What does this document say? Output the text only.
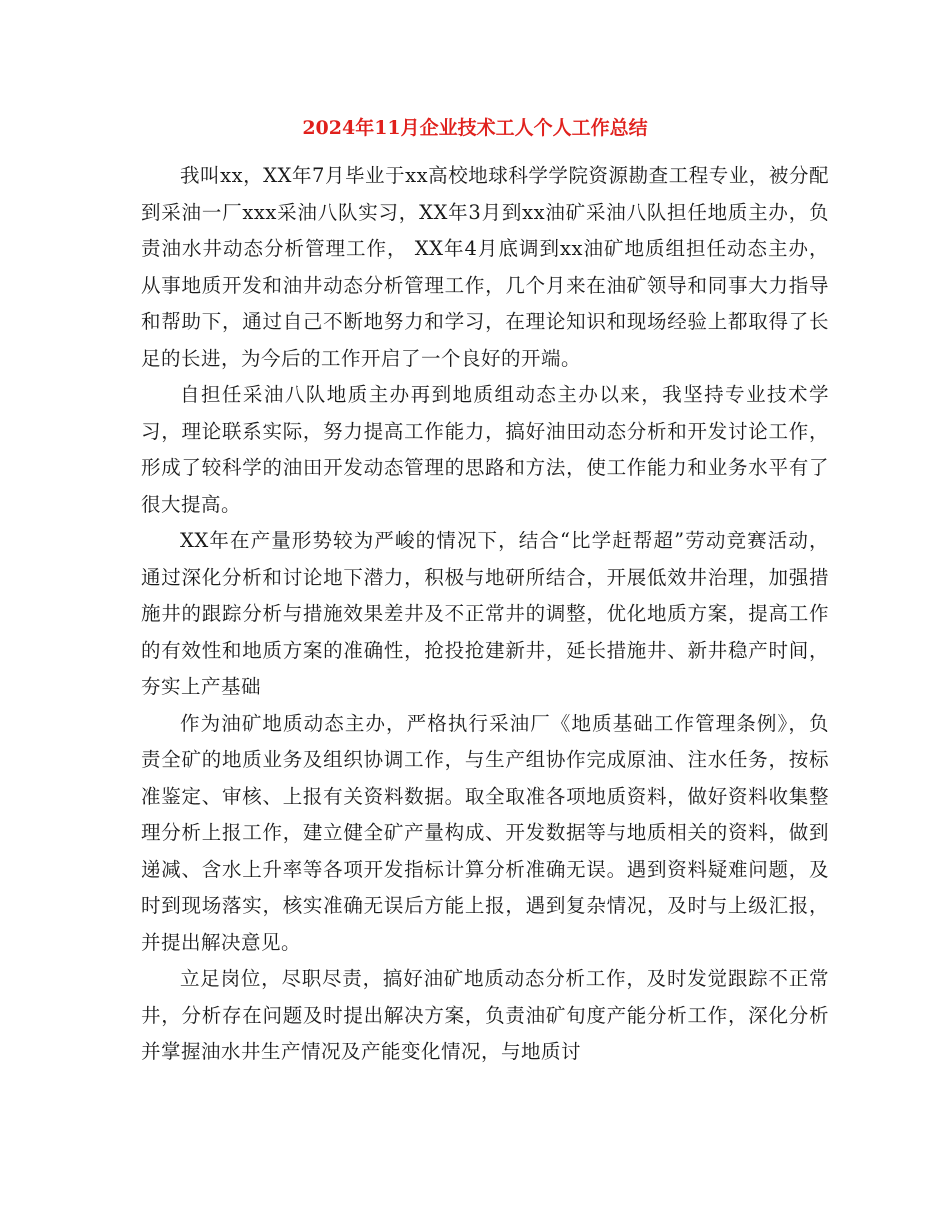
2024年11月企业技术工人个人工作总结

我叫xx，XX年7月毕业于xx高校地球科学学院资源勘查工程专业，被分配到采油一厂xxx采油八队实习，XX年3月到xx油矿采油八队担任地质主办，负责油水井动态分析管理工作， XX年4月底调到xx油矿地质组担任动态主办，从事地质开发和油井动态分析管理工作，几个月来在油矿领导和同事大力指导和帮助下，通过自己不断地努力和学习，在理论知识和现场经验上都取得了长足的长进，为今后的工作开启了一个良好的开端。

自担任采油八队地质主办再到地质组动态主办以来，我坚持专业技术学习，理论联系实际，努力提高工作能力，搞好油田动态分析和开发讨论工作，形成了较科学的油田开发动态管理的思路和方法，使工作能力和业务水平有了很大提高。

XX年在产量形势较为严峻的情况下，结合“比学赶帮超”劳动竞赛活动，通过深化分析和讨论地下潜力，积极与地研所结合，开展低效井治理，加强措施井的跟踪分析与措施效果差井及不正常井的调整，优化地质方案，提高工作的有效性和地质方案的准确性，抢投抢建新井，延长措施井、新井稳产时间，夯实上产基础

作为油矿地质动态主办，严格执行采油厂《地质基础工作管理条例》，负责全矿的地质业务及组织协调工作，与生产组协作完成原油、注水任务，按标准鉴定、审核、上报有关资料数据。取全取准各项地质资料，做好资料收集整理分析上报工作，建立健全矿产量构成、开发数据等与地质相关的资料，做到递减、含水上升率等各项开发指标计算分析准确无误。遇到资料疑难问题，及时到现场落实，核实准确无误后方能上报，遇到复杂情况，及时与上级汇报，并提出解决意见。

立足岗位，尽职尽责，搞好油矿地质动态分析工作，及时发觉跟踪不正常井，分析存在问题及时提出解决方案，负责油矿旬度产能分析工作，深化分析并掌握油水井生产情况及产能变化情况，与地质讨
